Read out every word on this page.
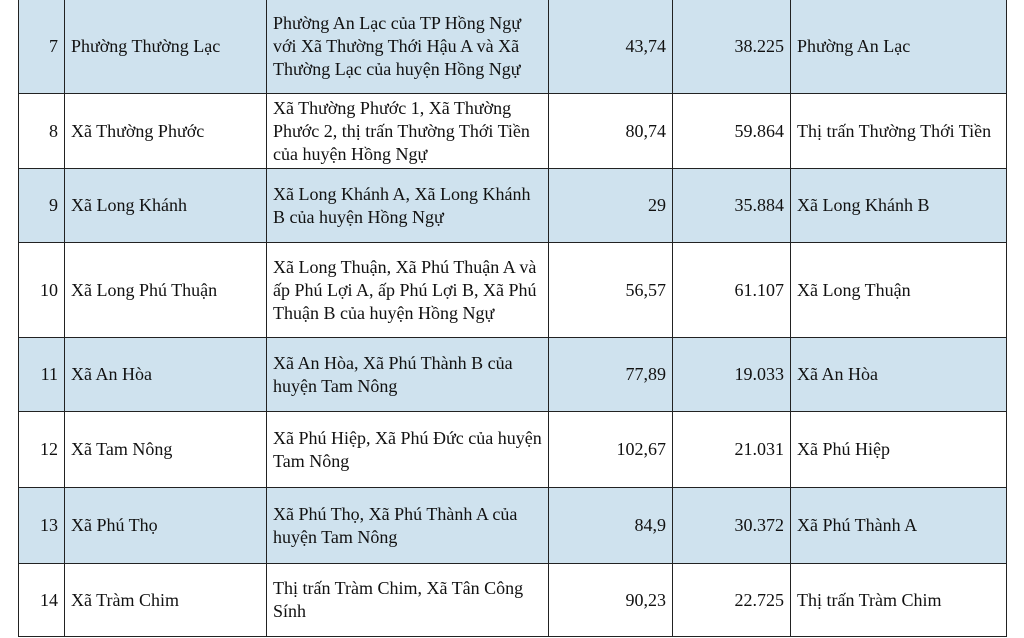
7	Phường Thường Lạc	Phường An Lạc của TP Hồng Ngự với Xã Thường Thới Hậu A và Xã Thường Lạc của huyện Hồng Ngự	43,74	38.225	Phường An Lạc
8	Xã Thường Phước	Xã Thường Phước 1, Xã Thường Phước 2, thị trấn Thường Thới Tiền của huyện Hồng Ngự	80,74	59.864	Thị trấn Thường Thới Tiền
9	Xã Long Khánh	Xã Long Khánh A, Xã Long Khánh B của huyện Hồng Ngự	29	35.884	Xã Long Khánh B
10	Xã Long Phú Thuận	Xã Long Thuận, Xã Phú Thuận A và ấp Phú Lợi A, ấp Phú Lợi B, Xã Phú Thuận B của huyện Hồng Ngự	56,57	61.107	Xã Long Thuận
11	Xã An Hòa	Xã An Hòa, Xã Phú Thành B của huyện Tam Nông	77,89	19.033	Xã An Hòa
12	Xã Tam Nông	Xã Phú Hiệp, Xã Phú Đức của huyện Tam Nông	102,67	21.031	Xã Phú Hiệp
13	Xã Phú Thọ	Xã Phú Thọ, Xã Phú Thành A của huyện Tam Nông	84,9	30.372	Xã Phú Thành A
14	Xã Tràm Chim	Thị trấn Tràm Chim, Xã Tân Công Sính	90,23	22.725	Thị trấn Tràm Chim
